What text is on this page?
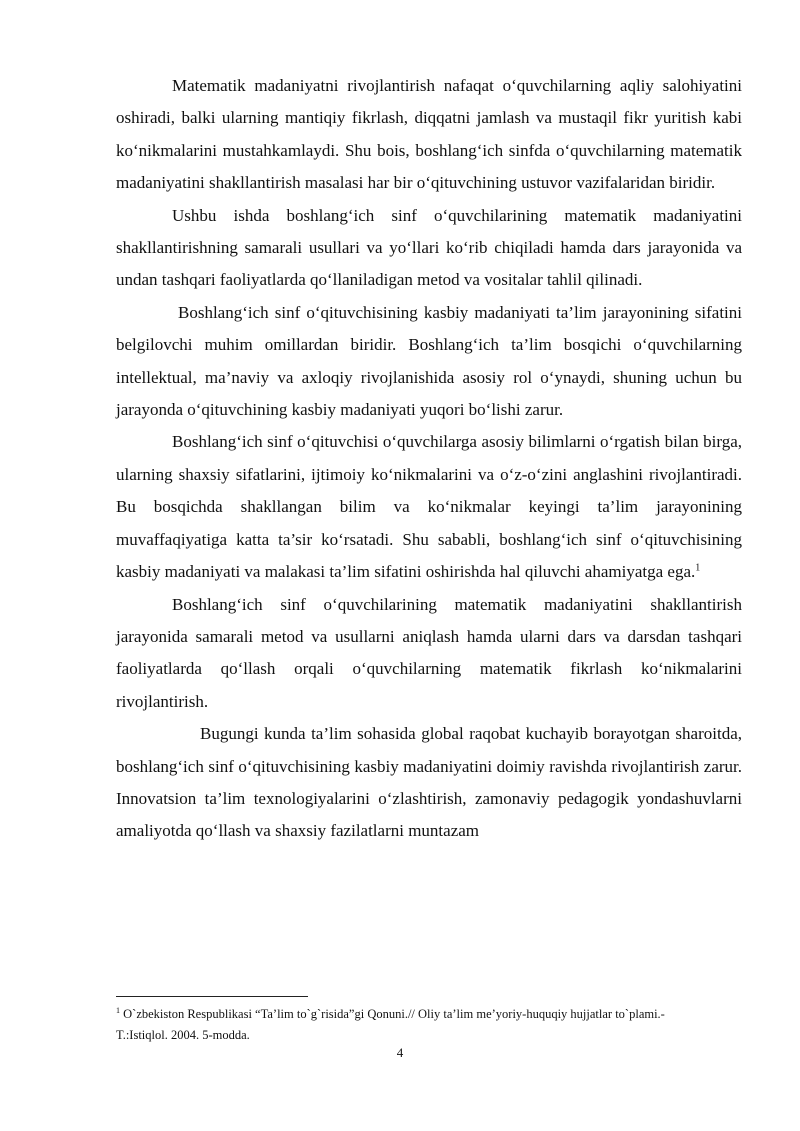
Matematik madaniyatni rivojlantirish nafaqat o‘quvchilarning aqliy salohiyatini oshiradi, balki ularning mantiqiy fikrlash, diqqatni jamlash va mustaqil fikr yuritish kabi ko‘nikmalarini mustahkamlaydi. Shu bois, boshlang‘ich sinfda o‘quvchilarning matematik madaniyatini shakllantirish masalasi har bir o‘qituvchining ustuvor vazifalaridan biridir.

Ushbu ishda boshlang‘ich sinf o‘quvchilarining matematik madaniyatini shakllantirishning samarali usullari va yo‘llari ko‘rib chiqiladi hamda dars jarayonida va undan tashqari faoliyatlarda qo‘llaniladigan metod va vositalar tahlil qilinadi.

Boshlang‘ich sinf o‘qituvchisining kasbiy madaniyati ta’lim jarayonining sifatini belgilovchi muhim omillardan biridir. Boshlang‘ich ta’lim bosqichi o‘quvchilarning intellektual, ma’naviy va axloqiy rivojlanishida asosiy rol o‘ynaydi, shuning uchun bu jarayonda o‘qituvchining kasbiy madaniyati yuqori bo‘lishi zarur.

Boshlang‘ich sinf o‘qituvchisi o‘quvchilarga asosiy bilimlarni o‘rgatish bilan birga, ularning shaxsiy sifatlarini, ijtimoiy ko‘nikmalarini va o‘z-o‘zini anglashini rivojlantiradi. Bu bosqichda shakllangan bilim va ko‘nikmalar keyingi ta’lim jarayonining muvaffaqiyatiga katta ta’sir ko‘rsatadi. Shu sababli, boshlang‘ich sinf o‘qituvchisining kasbiy madaniyati va malakasi ta’lim sifatini oshirishda hal qiluvchi ahamiyatga ega.$^1$

Boshlang‘ich sinf o‘quvchilarining matematik madaniyatini shakllantirish jarayonida samarali metod va usullarni aniqlash hamda ularni dars va darsdan tashqari faoliyatlarda qo‘llash orqali o‘quvchilarning matematik fikrlash ko‘nikmalarini rivojlantirish.

Bugungi kunda ta’lim sohasida global raqobat kuchayib borayotgan sharoitda, boshlang‘ich sinf o‘qituvchisining kasbiy madaniyatini doimiy ravishda rivojlantirish zarur. Innovatsion ta’lim texnologiyalarini o‘zlashtirish, zamonaviy pedagogik yondashuvlarni amaliyotda qo‘llash va shaxsiy fazilatlarni muntazam

$^1$ O`zbekiston Respublikasi “Ta’lim to`g`risida”gi Qonuni.// Oliy ta’lim me’yoriy-huquqiy hujjatlar to`plami.-
T.:Istiqlol. 2004. 5-modda.

4
